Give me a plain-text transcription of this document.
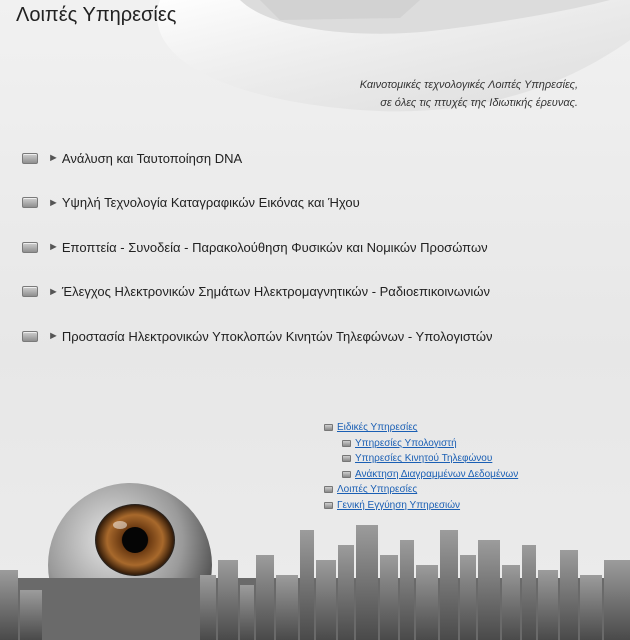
Λοιπές Υπηρεσίες
Καινοτομικές τεχνολογικές Λοιπές Υπηρεσίες,
σε όλες τις πτυχές της Ιδιωτικής έρευνας.
► Ανάλυση και Ταυτοποίηση DNA
► Υψηλή Τεχνολογία Καταγραφικών Εικόνας και Ήχου
► Εποπτεία - Συνοδεία - Παρακολούθηση Φυσικών και Νομικών Προσώπων
► Έλεγχος Ηλεκτρονικών Σημάτων Ηλεκτρομαγνητικών - Ραδιοεπικοινωνιών
► Προστασία Ηλεκτρονικών Υποκλοπών Κινητών Τηλεφώνων - Υπολογιστών
Ειδικές Υπηρεσίες
Υπηρεσίες Υπολογιστή
Υπηρεσίες Κινητού Τηλεφώνου
Ανάκτηση Διαγραμμένων Δεδομένων
Λοιπές Υπηρεσίες
Γενική Εγγύηση Υπηρεσιών
